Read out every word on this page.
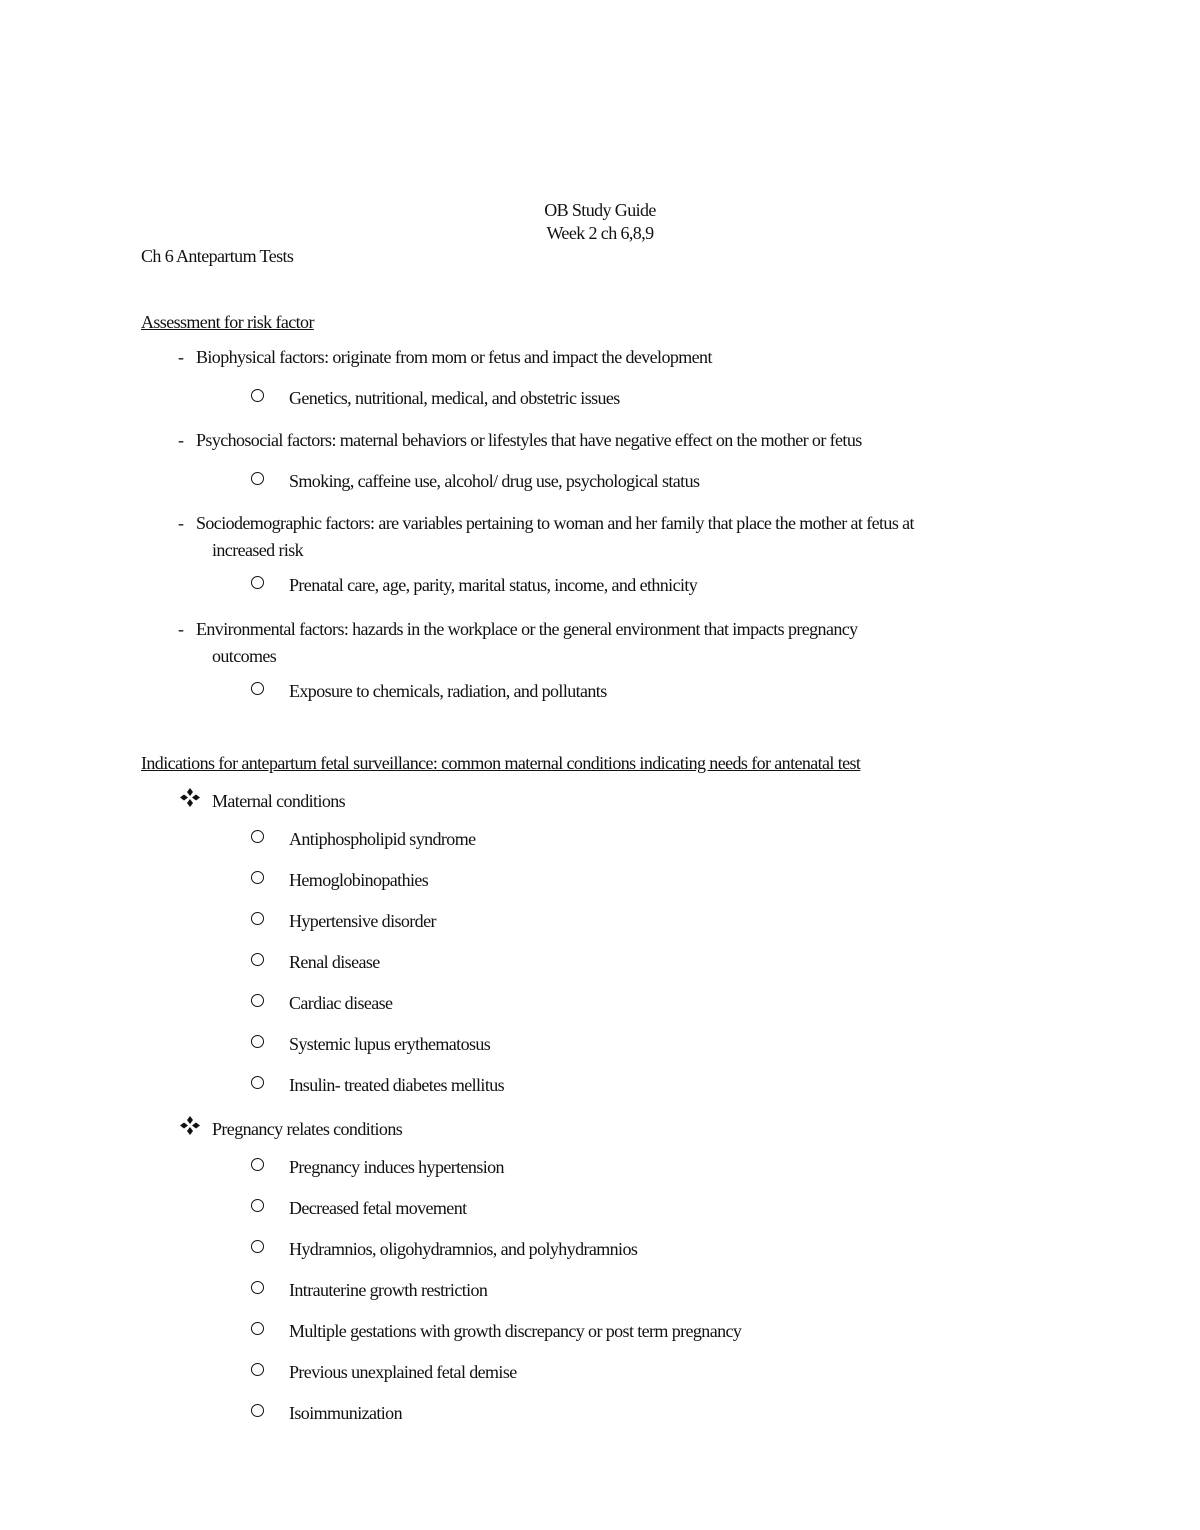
OB Study Guide
Week 2 ch 6,8,9
Ch 6 Antepartum Tests
Assessment for risk factor
- Biophysical factors: originate from mom or fetus and impact the development
Genetics, nutritional, medical, and obstetric issues
- Psychosocial factors: maternal behaviors or lifestyles that have negative effect on the mother or fetus
Smoking, caffeine use, alcohol/ drug use, psychological status
- Sociodemographic factors: are variables pertaining to woman and her family that place the mother at fetus at
increased risk
Prenatal care, age, parity, marital status, income, and ethnicity
- Environmental factors: hazards in the workplace or the general environment that impacts pregnancy
outcomes
Exposure to chemicals, radiation, and pollutants
Indications for antepartum fetal surveillance: common maternal conditions indicating needs for antenatal test
Maternal conditions
Antiphospholipid syndrome
Hemoglobinopathies
Hypertensive disorder
Renal disease
Cardiac disease
Systemic lupus erythematosus
Insulin- treated diabetes mellitus
Pregnancy relates conditions
Pregnancy induces hypertension
Decreased fetal movement
Hydramnios, oligohydramnios, and polyhydramnios
Intrauterine growth restriction
Multiple gestations with growth discrepancy or post term pregnancy
Previous unexplained fetal demise
Isoimmunization
